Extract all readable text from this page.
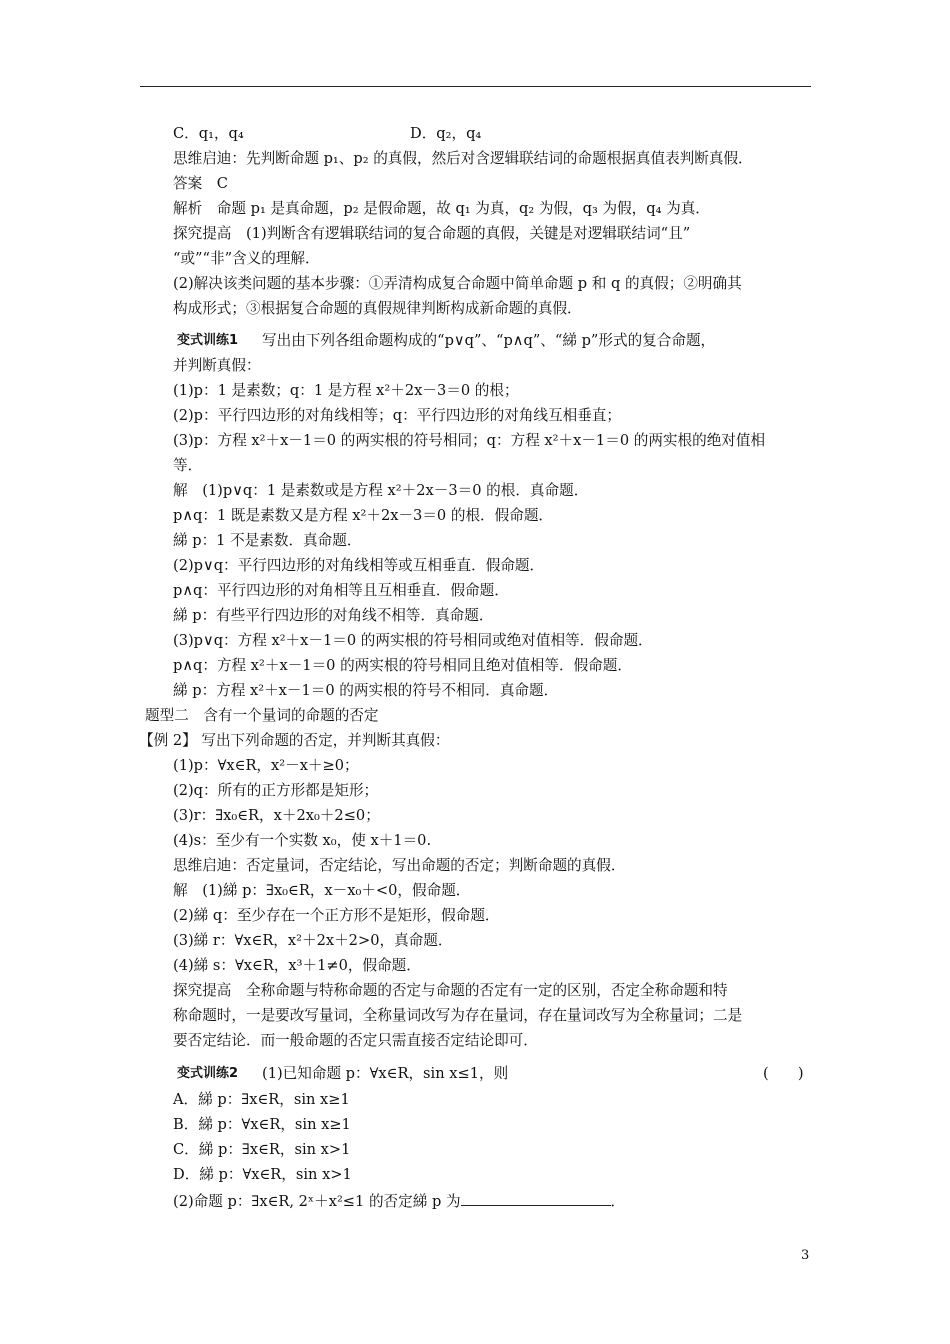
C．q₁，q₄	D．q₂，q₄
思维启迪：先判断命题 p₁、p₂ 的真假，然后对含逻辑联结词的命题根据真值表判断真假．
答案　C
解析　命题 p₁ 是真命题，p₂ 是假命题，故 q₁ 为真，q₂ 为假，q₃ 为假，q₄ 为真．
探究提高　(1)判断含有逻辑联结词的复合命题的真假，关键是对逻辑联结词“且”
“或”“非”含义的理解．
(2)解决该类问题的基本步骤：①弄清构成复合命题中简单命题 p 和 q 的真假；②明确其
构成形式；③根据复合命题的真假规律判断构成新命题的真假．
变式训练1 写出由下列各组命题构成的“p∨q”、“p∧q”、“綈 p”形式的复合命题，
并判断真假：
(1)p：1 是素数；q：1 是方程 x²＋2x－3＝0 的根；
(2)p：平行四边形的对角线相等；q：平行四边形的对角线互相垂直；
(3)p：方程 x²＋x－1＝0 的两实根的符号相同；q：方程 x²＋x－1＝0 的两实根的绝对值相
等．
解　(1)p∨q：1 是素数或是方程 x²＋2x－3＝0 的根．真命题．
p∧q：1 既是素数又是方程 x²＋2x－3＝0 的根．假命题．
綈 p：1 不是素数．真命题．
(2)p∨q：平行四边形的对角线相等或互相垂直．假命题．
p∧q：平行四边形的对角相等且互相垂直．假命题．
綈 p：有些平行四边形的对角线不相等．真命题．
(3)p∨q：方程 x²＋x－1＝0 的两实根的符号相同或绝对值相等．假命题．
p∧q：方程 x²＋x－1＝0 的两实根的符号相同且绝对值相等．假命题．
綈 p：方程 x²＋x－1＝0 的两实根的符号不相同．真命题．
题型二　含有一个量词的命题的否定
【例 2】 写出下列命题的否定，并判断其真假：
(1)p：∀x∈R，x²－x＋≥0；
(2)q：所有的正方形都是矩形；
(3)r：∃x₀∈R，x＋2x₀＋2≤0；
(4)s：至少有一个实数 x₀，使 x＋1＝0.
思维启迪：否定量词，否定结论，写出命题的否定；判断命题的真假．
解　(1)綈 p：∃x₀∈R，x－x₀＋<0，假命题．
(2)綈 q：至少存在一个正方形不是矩形，假命题．
(3)綈 r：∀x∈R，x²＋2x＋2>0，真命题．
(4)綈 s：∀x∈R，x³＋1≠0，假命题．
探究提高　全称命题与特称命题的否定与命题的否定有一定的区别，否定全称命题和特
称命题时，一是要改写量词，全称量词改写为存在量词，存在量词改写为全称量词；二是
要否定结论．而一般命题的否定只需直接否定结论即可．
变式训练2 (1)已知命题 p：∀x∈R，sin x≤1，则	(　　)
A．綈 p：∃x∈R，sin x≥1
B．綈 p：∀x∈R，sin x≥1
C．綈 p：∃x∈R，sin x>1
D．綈 p：∀x∈R，sin x>1
(2)命题 p：∃x∈R, 2ˣ＋x²≤1 的否定綈 p 为	．
3
